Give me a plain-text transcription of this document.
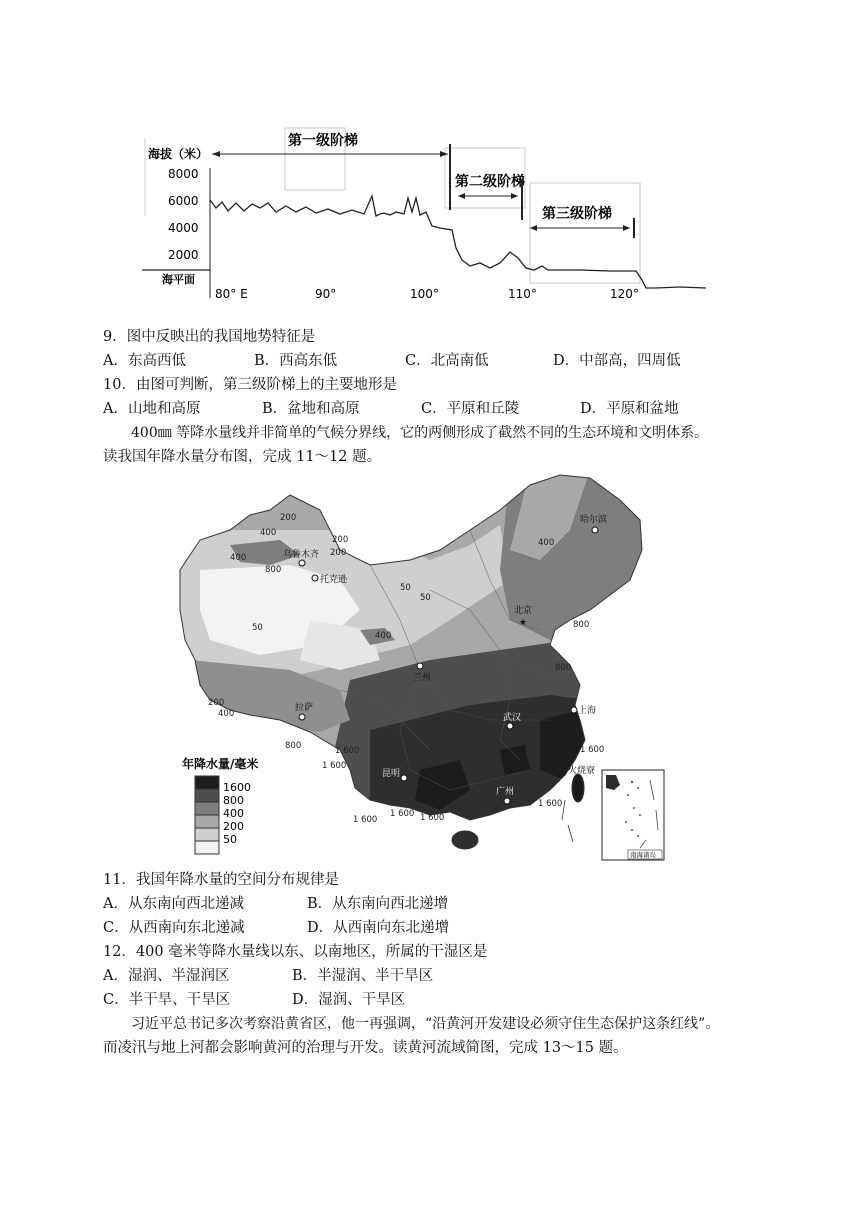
海拔（米）
8000
6000
4000
2000
海平面
80° E	90°	100°	110°	120°
第一级阶梯
第二级阶梯
第三级阶梯
9．图中反映出的我国地势特征是
A．东高西低	B．西高东低	C．北高南低	D．中部高，四周低
10．由图可判断，第三级阶梯上的主要地形是
A．山地和高原	B．盆地和高原	C．平原和丘陵	D．平原和盆地
400㎜ 等降水量线并非简单的气候分界线，它的两侧形成了截然不同的生态环境和文明体系。
读我国年降水量分布图，完成 11～12 题。
乌鲁木齐
托克逊
哈尔滨
★
北京
兰州
拉萨
武汉
上海
火烧寮
昆明
广州
200
400
200
400
800
200
50
50
50
400
800
800
400
200
400
800	1 600
1 600
1 600
1 600
1 600 1 600
1 600
年降水量/毫米
1600
800
400
200
50
南海诸岛
11．我国年降水量的空间分布规律是
A．从东南向西北递减	B．从东南向西北递增
C．从西南向东北递减	D．从西南向东北递增
12．400 毫米等降水量线以东、以南地区，所属的干湿区是
A．湿润、半湿润区	B．半湿润、半干旱区
C．半干旱、干旱区	D．湿润、干旱区
习近平总书记多次考察沿黄省区，他一再强调，“沿黄河开发建设必须守住生态保护这条红线”。
而凌汛与地上河都会影响黄河的治理与开发。读黄河流域简图，完成 13～15 题。
